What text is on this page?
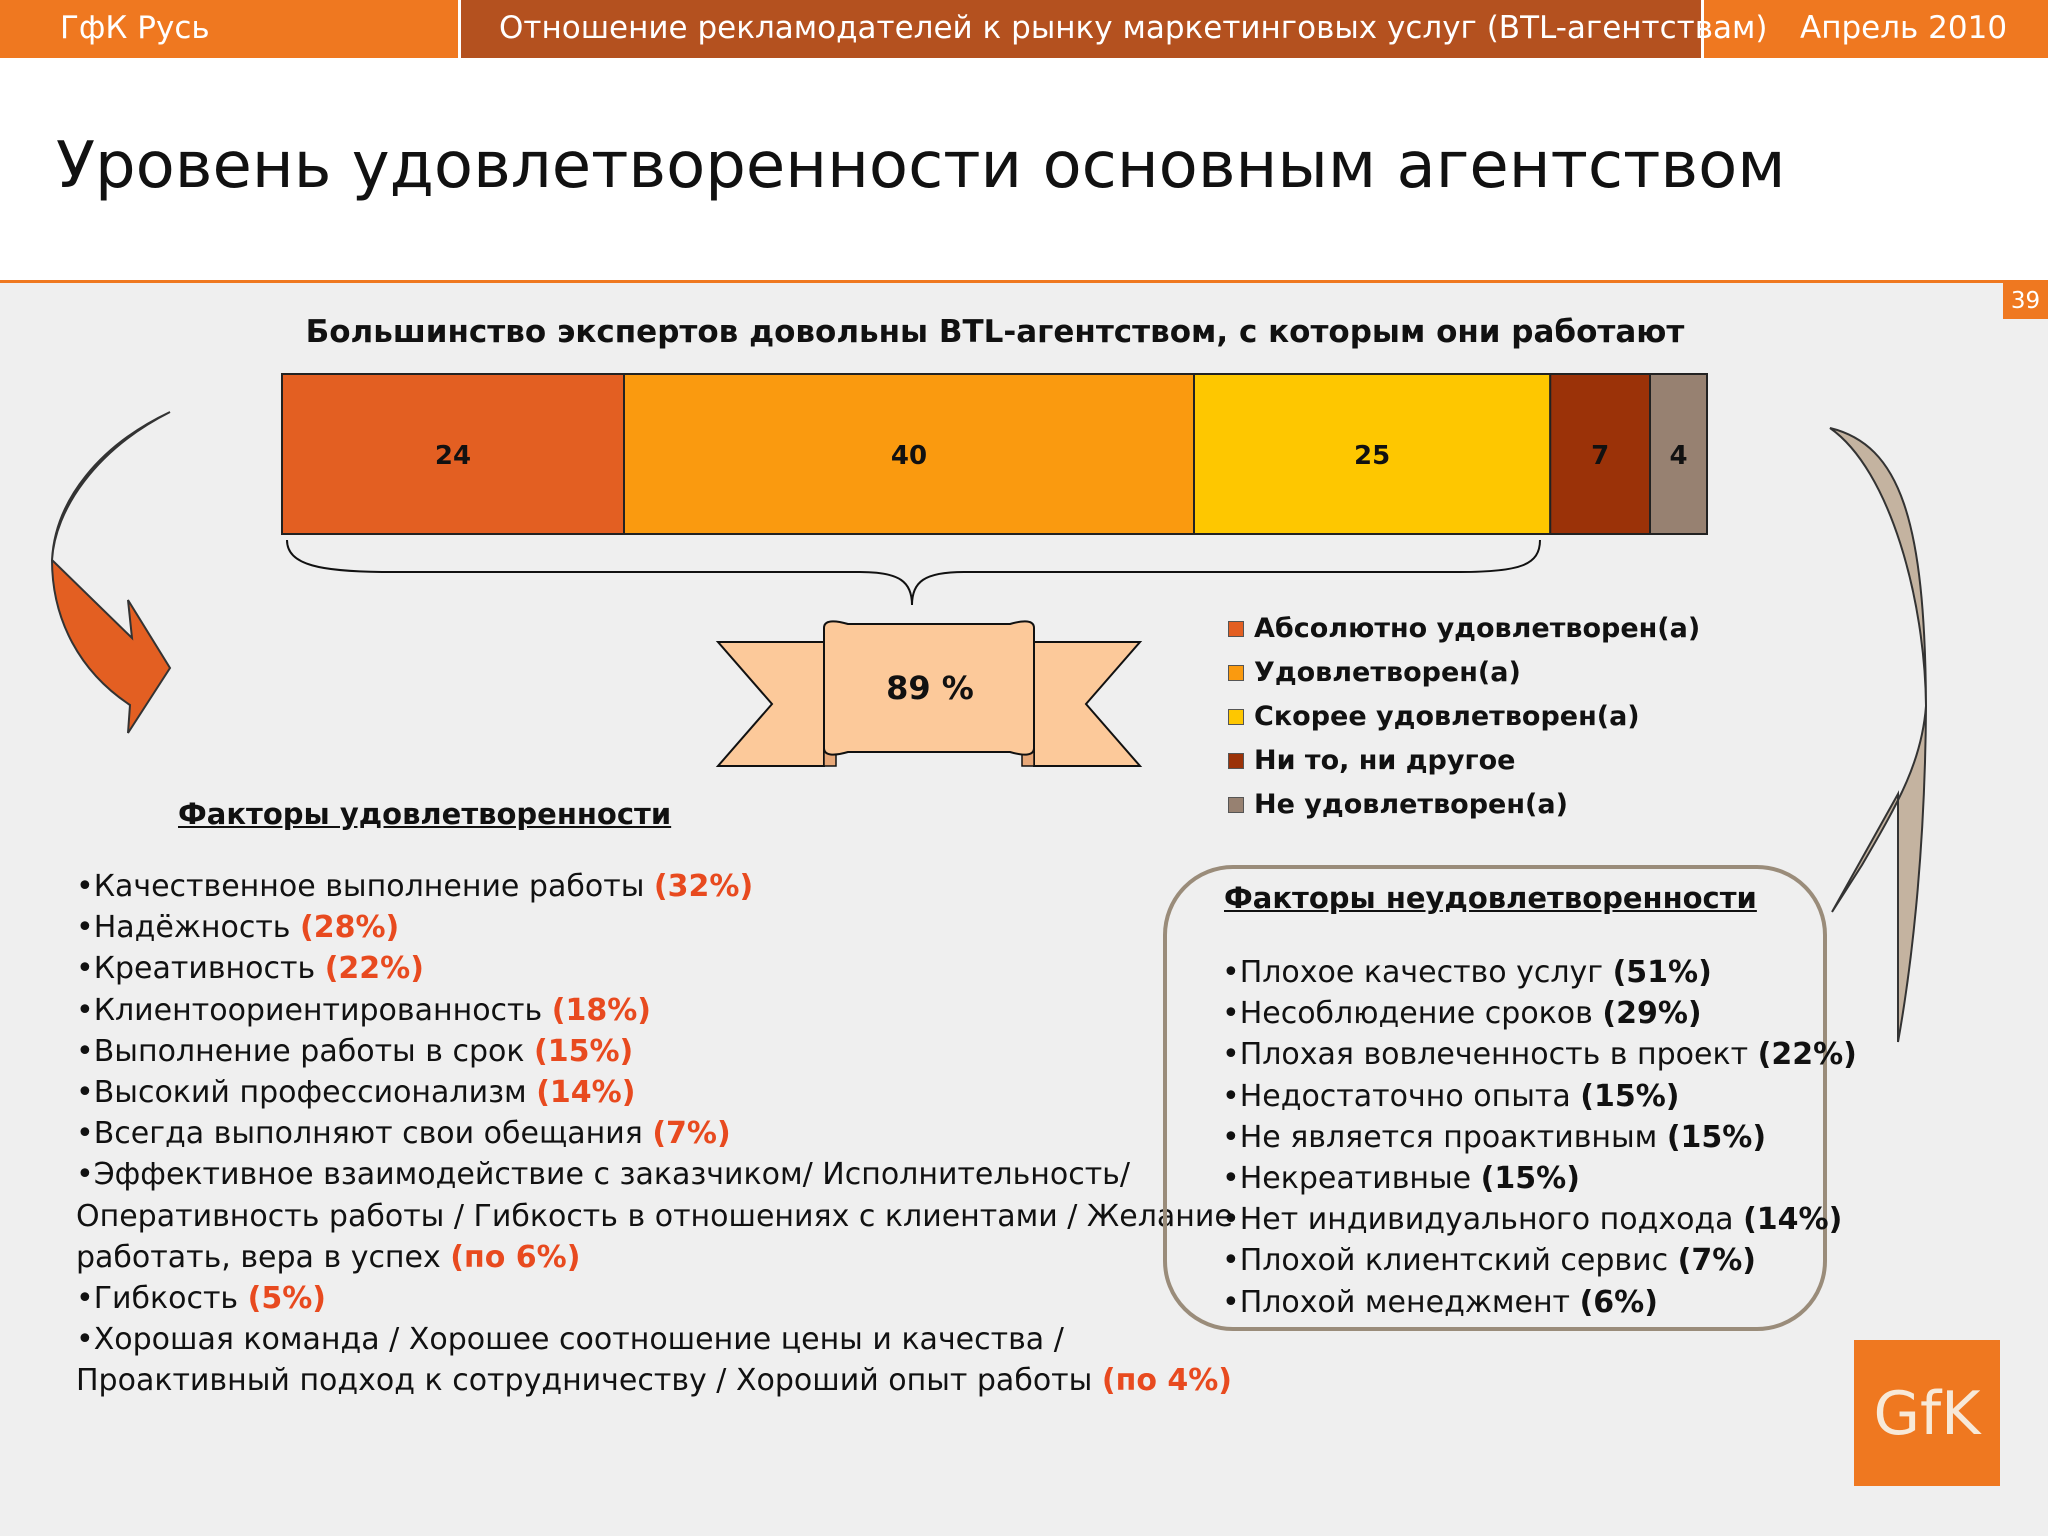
ГфК Русь	Отношение рекламодателей к рынку маркетинговых услуг (BTL-агентствам) Апрель 2010
Уровень удовлетворенности основным агентством
39
Большинство экспертов довольны BTL-агентством, с которым они работают
24	40	25	7 4
89 %
Абсолютно удовлетворен(а)
Удовлетворен(а)
Скорее удовлетворен(а)
Ни то, ни другое
Не удовлетворен(а)
Факторы удовлетворенности
•Качественное выполнение работы (32%)
•Надёжность (28%)
•Креативность (22%)
•Клиентоориентированность (18%)
•Выполнение работы в срок (15%)
•Высокий профессионализм (14%)
•Всегда выполняют свои обещания (7%)
•Эффективное взаимодействие с заказчиком/ Исполнительность/
Оперативность работы / Гибкость в отношениях с клиентами / Желание
работать, вера в успех (по 6%)
•Гибкость (5%)
•Хорошая команда / Хорошее соотношение цены и качества /
Проактивный подход к сотрудничеству / Хороший опыт работы (по 4%)
Факторы неудовлетворенности
•Плохое качество услуг (51%)
•Несоблюдение сроков (29%)
•Плохая вовлеченность в проект (22%)
•Недостаточно опыта (15%)
•Не является проактивным (15%)
•Некреативные (15%)
•Нет индивидуального подхода (14%)
•Плохой клиентский сервис (7%)
•Плохой менеджмент (6%)
GfK
